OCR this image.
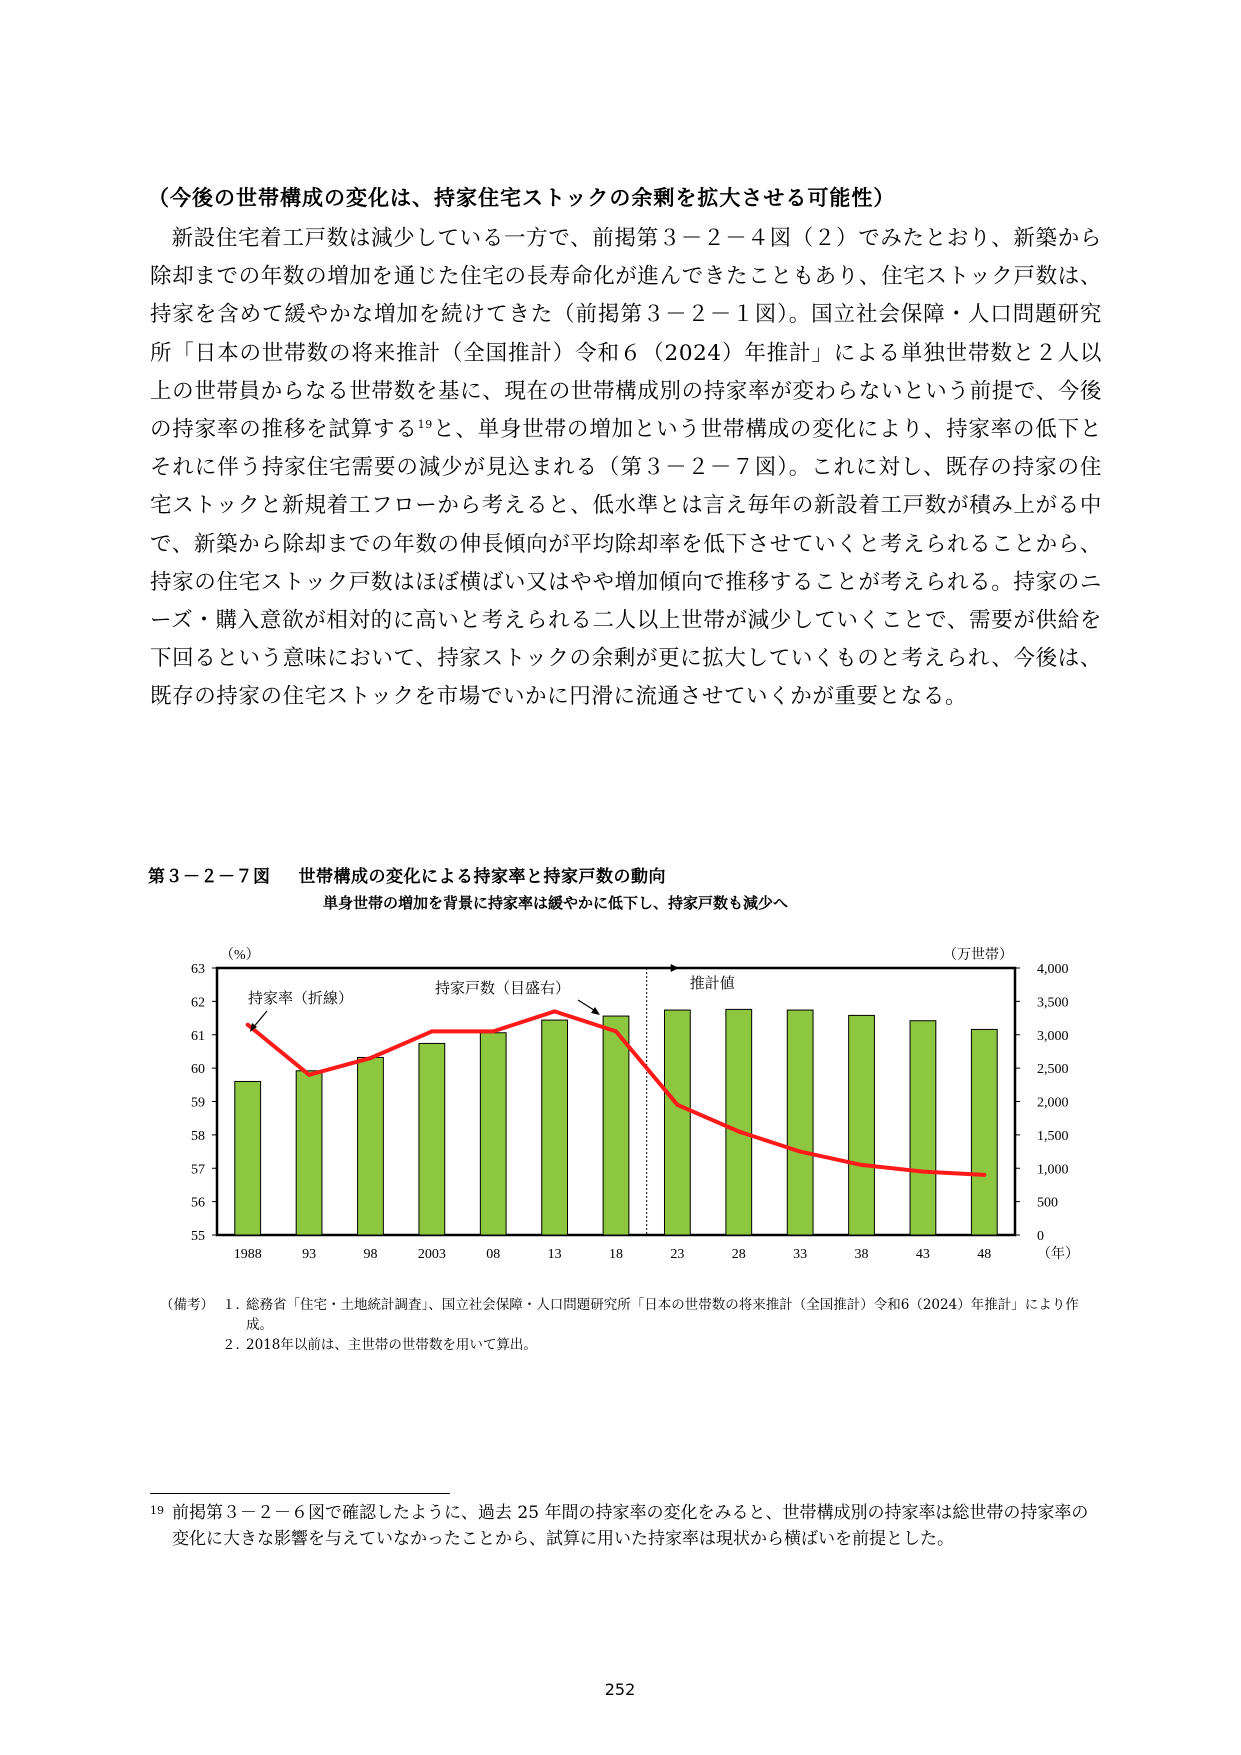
（今後の世帯構成の変化は、持家住宅ストックの余剰を拡大させる可能性）

新設住宅着工戸数は減少している一方で、前掲第３－２－４図（２）でみたとおり、新築から除却までの年数の増加を通じた住宅の長寿命化が進んできたこともあり、住宅ストック戸数は、持家を含めて緩やかな増加を続けてきた（前掲第３－２－１図）。国立社会保障・人口問題研究所「日本の世帯数の将来推計（全国推計）令和６（2024）年推計」による単独世帯数と２人以上の世帯員からなる世帯数を基に、現在の世帯構成別の持家率が変わらないという前提で、今後の持家率の推移を試算する$^{19}$と、単身世帯の増加という世帯構成の変化により、持家率の低下とそれに伴う持家住宅需要の減少が見込まれる（第３－２－７図）。これに対し、既存の持家の住宅ストックと新規着工フローから考えると、低水準とは言え毎年の新設着工戸数が積み上がる中で、新築から除却までの年数の伸長傾向が平均除却率を低下させていくと考えられることから、持家の住宅ストック戸数はほぼ横ばい又はやや増加傾向で推移することが考えられる。持家のニーズ・購入意欲が相対的に高いと考えられる二人以上世帯が減少していくことで、需要が供給を下回るという意味において、持家ストックの余剰が更に拡大していくものと考えられ、今後は、既存の持家の住宅ストックを市場でいかに円滑に流通させていくかが重要となる。

第３－２－７図 世帯構成の変化による持家率と持家戸数の動向
単身世帯の増加を背景に持家率は緩やかに低下し、持家戸数も減少へ
55
56
57
58
59
60
61
62
63
0
500
1,000
1,500
2,000
2,500
3,000
3,500
4,000
（%）	（万世帯）
1988	93	98	2003	08	13	18	23	28	33	38	43	48	（年）
推計値
持家率（折線）
持家戸数（目盛右）
（備考） １．
総務省「住宅・土地統計調査」、国立社会保障・人口問題研究所「日本の世帯数の将来推計（全国推計）令和6（2024）年推計」により作成。
２．
2018年以前は、主世帯の世帯数を用いて算出。
19 前掲第３－２－６図で確認したように、過去 25 年間の持家率の変化をみると、世帯構成別の持家率は総世帯の持家率の変化に大きな影響を与えていなかったことから、試算に用いた持家率は現状から横ばいを前提とした。
252
